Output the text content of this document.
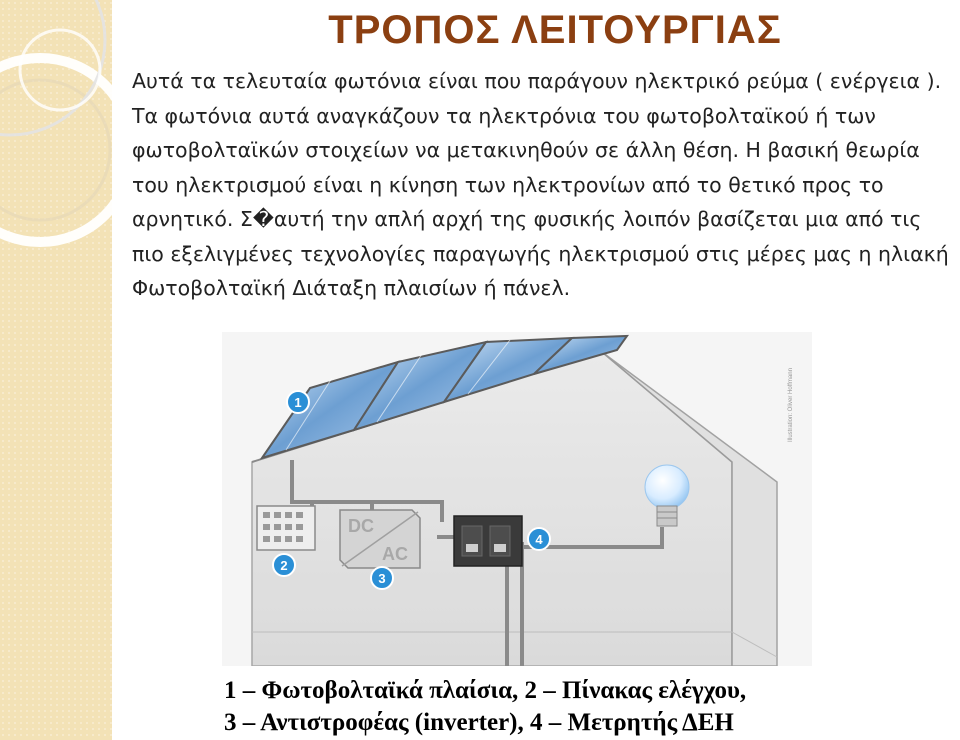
ΤΡΟΠΟΣ ΛΕΙΤΟΥΡΓΙΑΣ

Αυτά τα τελευταία φωτόνια είναι που παράγουν ηλεκτρικό ρεύμα ( ενέργεια ). Τα φωτόνια αυτά αναγκάζουν τα ηλεκτρόνια του φωτοβολταϊκού ή των φωτοβολταϊκών στοιχείων να μετακινηθούν σε άλλη θέση. Η βασική θεωρία του ηλεκτρισμού είναι η κίνηση των ηλεκτρονίων από το θετικό προς το αρνητικό. Σ�αυτή την απλή αρχή της φυσικής λοιπόν βασίζεται μια από τις πιο εξελιγμένες τεχνολογίες παραγωγής ηλεκτρισμού στις μέρες μας η ηλιακή Φωτοβολταϊκή Διάταξη πλαισίων ή πάνελ.

DC
AC
1
2
3
4
Illustration: Oliver Hoffmann
1 – Φωτοβολταϊκά πλαίσια, 2 – Πίνακας ελέγχου,
3 – Αντιστροφέας (inverter), 4 – Μετρητής ΔΕΗ
